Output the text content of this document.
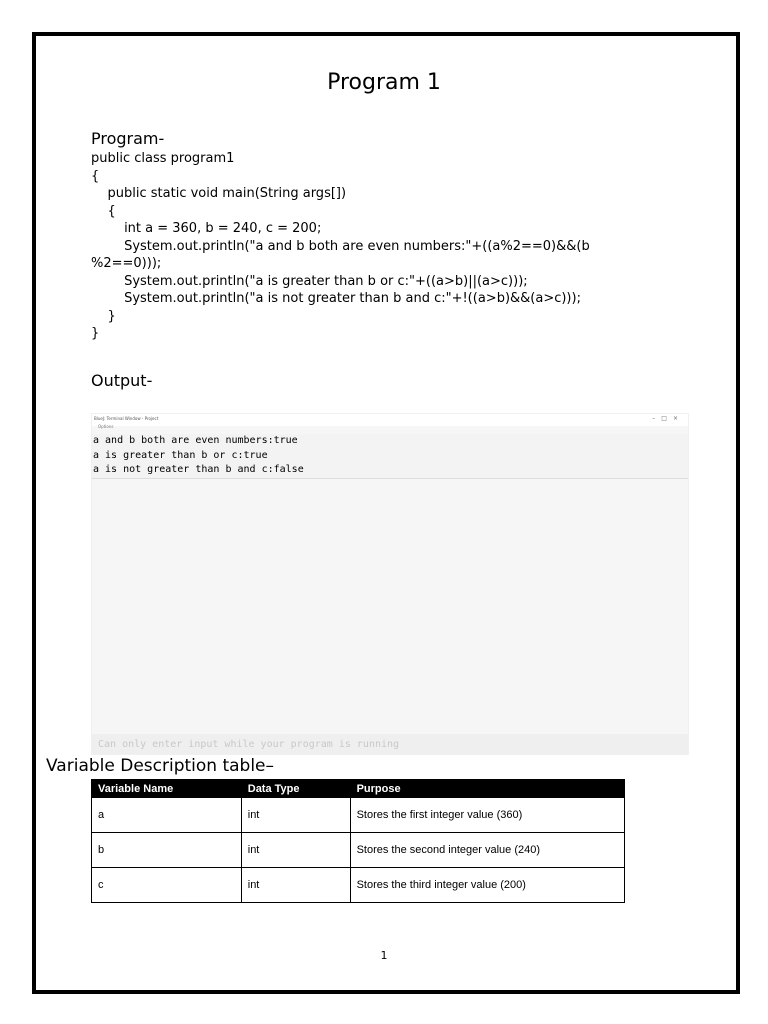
Program 1
Program-
public class program1
{
public static void main(String args[])
{
int a = 360, b = 240, c = 200;
System.out.println("a and b both are even numbers:"+((a%2==0)&&(b
%2==0)));
System.out.println("a is greater than b or c:"+((a>b)||(a>c)));
System.out.println("a is not greater than b and c:"+!((a>b)&&(a>c)));
}
}
Output-
BlueJ: Terminal Window - Project	–□×
Options
a and b both are even numbers:true
a is greater than b or c:true
a is not greater than b and c:false
Can only enter input while your program is running
Variable Description table–
Variable Name	Data Type	Purpose
a	int	Stores the first integer value (360)
b	int	Stores the second integer value (240)
c	int	Stores the third integer value (200)
1
